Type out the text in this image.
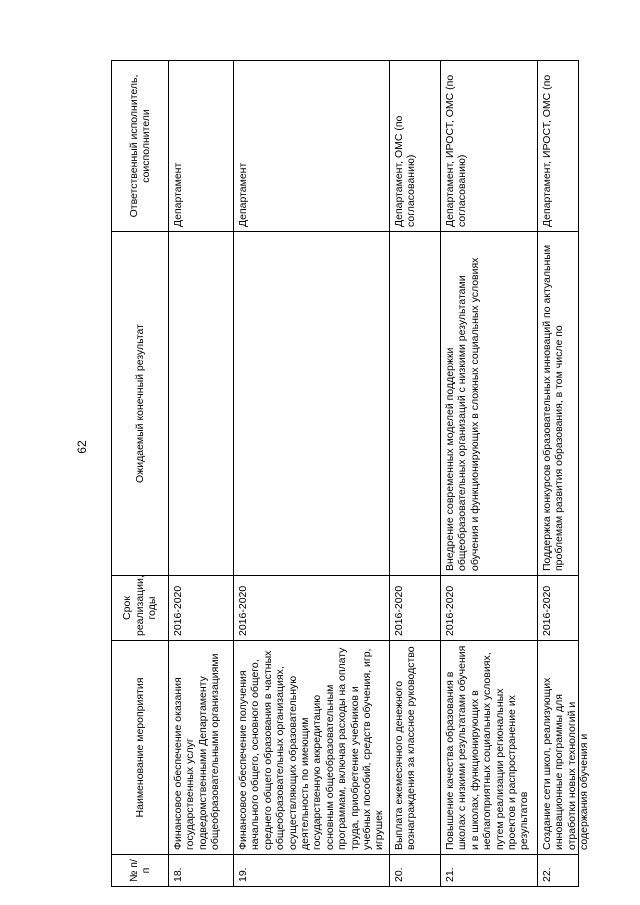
62
№ п/п	Наименование мероприятия	Срок реализации, годы	Ожидаемый конечный результат	Ответственный исполнитель, соисполнители
18.	Финансовое обеспечение оказания государственных услуг подведомственными Департаменту общеобразовательными организациями	2016-2020		Департамент
19.	Финансовое обеспечение получения начального общего, основного общего, среднего общего образования в частных общеобразовательных организациях, осуществляющих образовательную деятельность по имеющим государственную аккредитацию основным общеобразовательным программам, включая расходы на оплату труда, приобретение учебников и учебных пособий, средств обучения, игр, игрушек	2016-2020		Департамент
20.	Выплата ежемесячного денежного вознаграждения за классное руководство	2016-2020		Департамент, ОМС (по согласованию)
21.	Повышение качества образования в школах с низкими результатами обучения и в школах, функционирующих в неблагоприятных социальных условиях, путем реализации региональных проектов и распространение их результатов	2016-2020	Внедрение современных моделей поддержки общеобразовательных организаций с низкими результатами обучения и функционирующих в сложных социальных условиях	Департамент, ИРОСТ, ОМС (по согласованию)

22.	Создание сети школ, реализующих инновационные программы для отработки новых технологий и содержания обучения и	2016-2020	Поддержка конкурсов образовательных инноваций по актуальным проблемам развития образования, в том числе по	Департамент, ИРОСТ, ОМС (по
